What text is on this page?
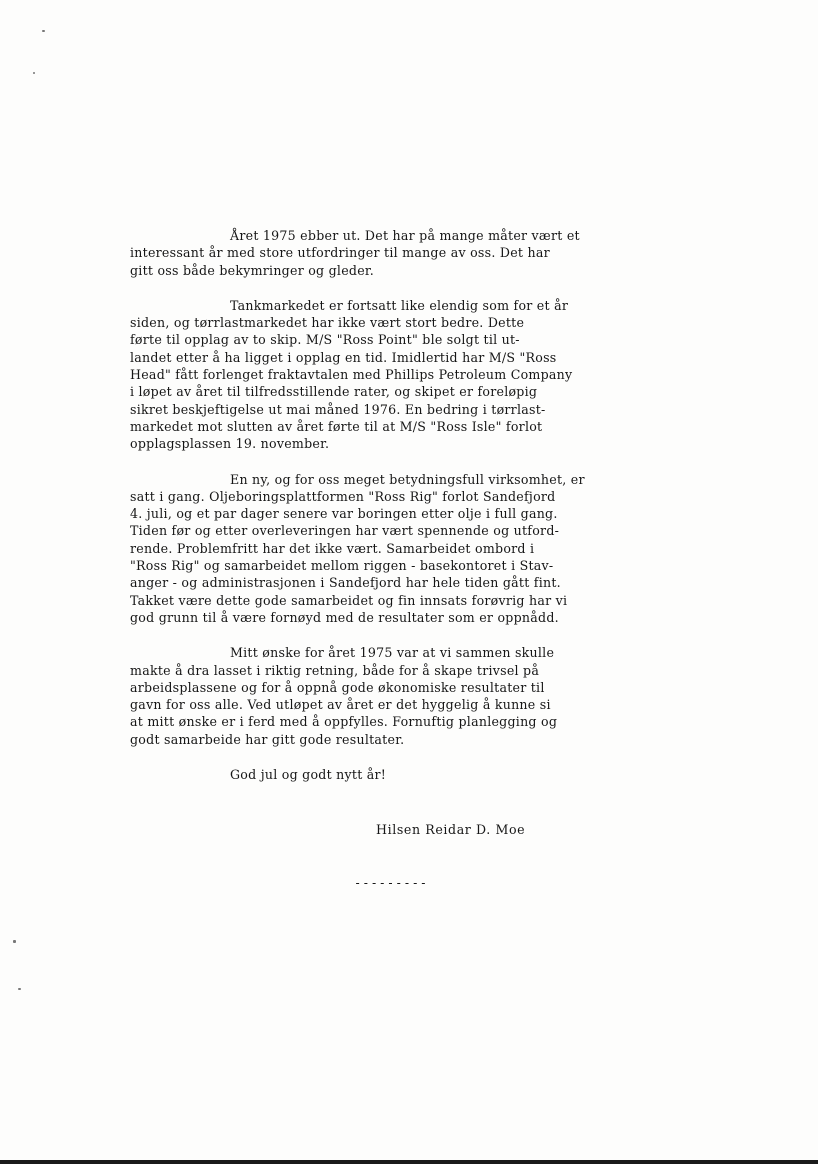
Året 1975 ebber ut. Det har på mange måter vært et
interessant år med store utfordringer til mange av oss. Det har
gitt oss både bekymringer og gleder.
Tankmarkedet er fortsatt like elendig som for et år
siden, og tørrlastmarkedet har ikke vært stort bedre. Dette
førte til opplag av to skip. M/S "Ross Point" ble solgt til ut-
landet etter å ha ligget i opplag en tid. Imidlertid har M/S "Ross
Head" fått forlenget fraktavtalen med Phillips Petroleum Company
i løpet av året til tilfredsstillende rater, og skipet er foreløpig
sikret beskjeftigelse ut mai måned 1976. En bedring i tørrlast-
markedet mot slutten av året førte til at M/S "Ross Isle" forlot
opplagsplassen 19. november.
En ny, og for oss meget betydningsfull virksomhet, er
satt i gang. Oljeboringsplattformen "Ross Rig" forlot Sandefjord
4. juli, og et par dager senere var boringen etter olje i full gang.
Tiden før og etter overleveringen har vært spennende og utford-
rende. Problemfritt har det ikke vært. Samarbeidet ombord i
"Ross Rig" og samarbeidet mellom riggen - basekontoret i Stav-
anger - og administrasjonen i Sandefjord har hele tiden gått fint.
Takket være dette gode samarbeidet og fin innsats forøvrig har vi
god grunn til å være fornøyd med de resultater som er oppnådd.
Mitt ønske for året 1975 var at vi sammen skulle
makte å dra lasset i riktig retning, både for å skape trivsel på
arbeidsplassene og for å oppnå gode økonomiske resultater til
gavn for oss alle. Ved utløpet av året er det hyggelig å kunne si
at mitt ønske er i ferd med å oppfylles. Fornuftig planlegging og
godt samarbeide har gitt gode resultater.
God jul og godt nytt år!
Hilsen Reidar D. Moe
---------
